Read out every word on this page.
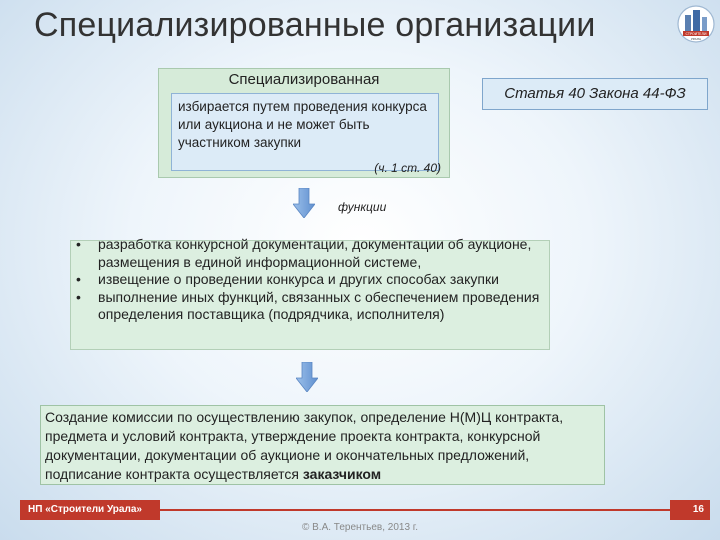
Специализированные организации	СТРОИТЕЛИ
УРАЛА
Специализированная
избирается путем проведения конкурса или аукциона и не может быть участником закупки
(ч. 1 ст. 40)
Статья 40 Закона 44-ФЗ
функции
• разработка конкурсной документации, документации об аукционе, размещения в единой информационной системе,
• извещение о проведении конкурса и других способах закупки
• выполнение иных функций, связанных с обеспечением проведения определения поставщика (подрядчика, исполнителя)
Создание комиссии по осуществлению закупок, определение Н(М)Ц контракта, предмета и условий контракта, утверждение проекта контракта, конкурсной документации, документации об аукционе и окончательных предложений, подписание контракта осуществляется заказчиком
НП «Строители Урала»	16
© В.А. Терентьев, 2013 г.
